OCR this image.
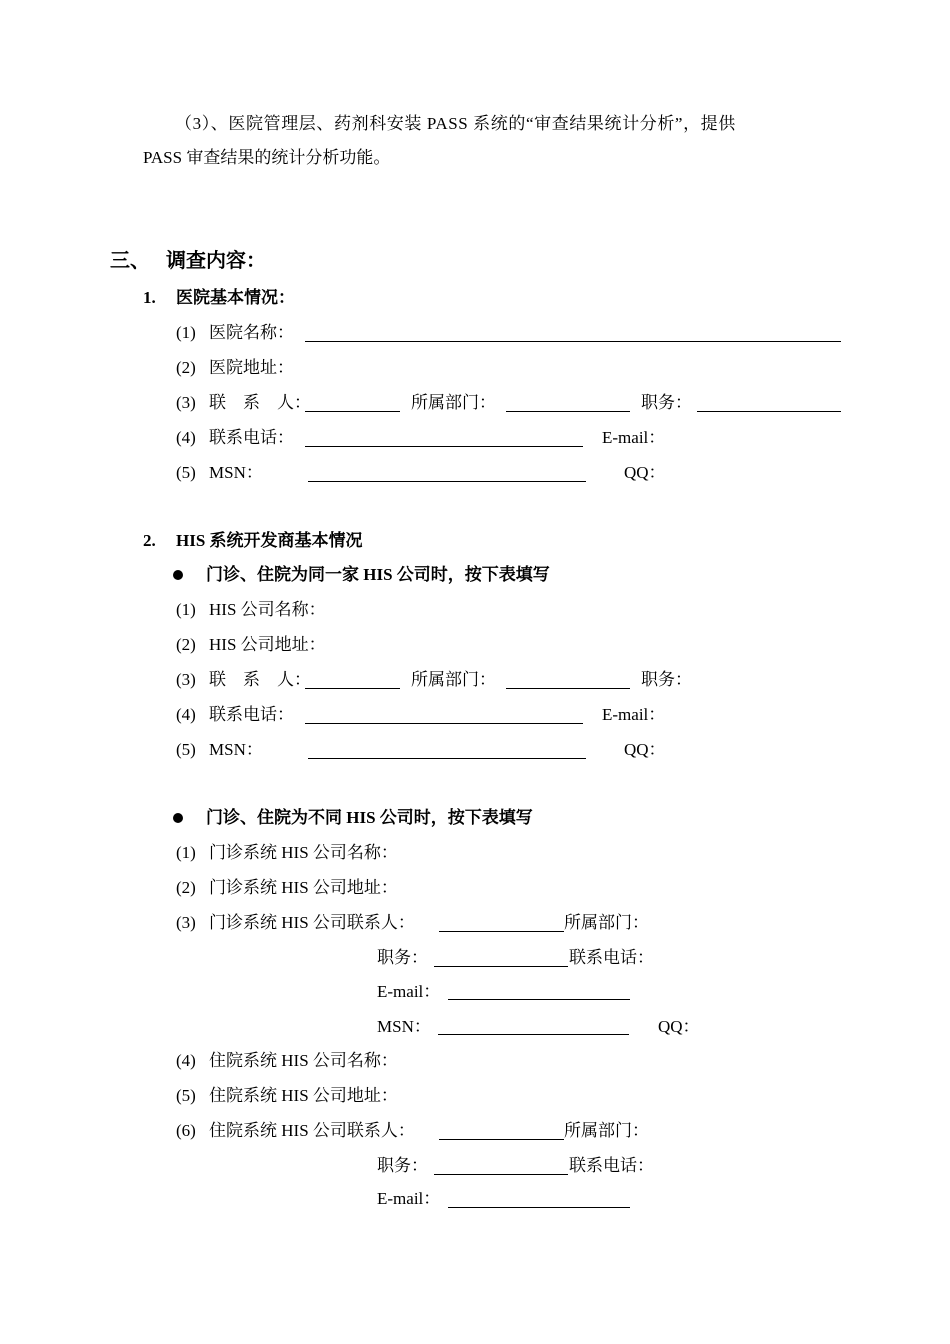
（3）、医院管理层、药剂科安装 PASS 系统的“审查结果统计分析”，提供
PASS 审查结果的统计分析功能。
三、 调查内容：
1. 医院基本情况：
(1) 医院名称：
(2) 医院地址：
(3) 联　系　人：	所属部门：	职务：
(4) 联系电话：	E-mail：
(5) MSN：	QQ：
2. HIS 系统开发商基本情况
门诊、住院为同一家 HIS 公司时，按下表填写
(1) HIS 公司名称：
(2) HIS 公司地址：
(3) 联　系　人：	所属部门：	职务：
(4) 联系电话：	E-mail：
(5) MSN：	QQ：
门诊、住院为不同 HIS 公司时，按下表填写
(1) 门诊系统 HIS 公司名称：
(2) 门诊系统 HIS 公司地址：
(3) 门诊系统 HIS 公司联系人：	所属部门：
职务：	联系电话：
E-mail：
MSN：	QQ：
(4) 住院系统 HIS 公司名称：
(5) 住院系统 HIS 公司地址：
(6) 住院系统 HIS 公司联系人：	所属部门：
职务：	联系电话：
E-mail：
